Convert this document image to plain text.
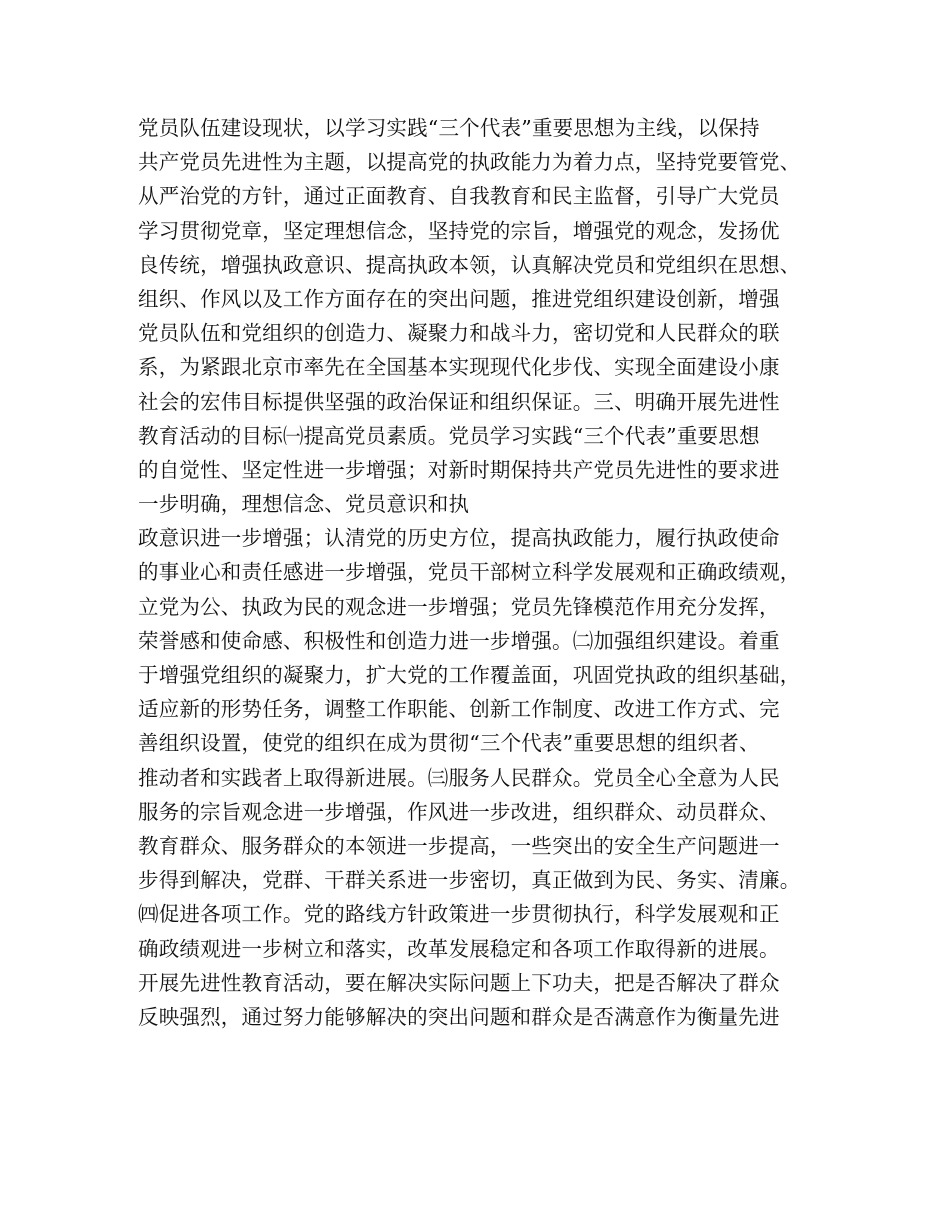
党员队伍建设现状，以学习实践“三个代表”重要思想为主线，以保持
共产党员先进性为主题，以提高党的执政能力为着力点，坚持党要管党、
从严治党的方针，通过正面教育、自我教育和民主监督，引导广大党员
学习贯彻党章，坚定理想信念，坚持党的宗旨，增强党的观念，发扬优
良传统，增强执政意识、提高执政本领，认真解决党员和党组织在思想、
组织、作风以及工作方面存在的突出问题，推进党组织建设创新，增强
党员队伍和党组织的创造力、凝聚力和战斗力，密切党和人民群众的联
系，为紧跟北京市率先在全国基本实现现代化步伐、实现全面建设小康
社会的宏伟目标提供坚强的政治保证和组织保证。三、明确开展先进性
教育活动的目标㈠提高党员素质。党员学习实践“三个代表”重要思想
的自觉性、坚定性进一步增强；对新时期保持共产党员先进性的要求进
一步明确，理想信念、党员意识和执
政意识进一步增强；认清党的历史方位，提高执政能力，履行执政使命
的事业心和责任感进一步增强，党员干部树立科学发展观和正确政绩观，
立党为公、执政为民的观念进一步增强；党员先锋模范作用充分发挥，
荣誉感和使命感、积极性和创造力进一步增强。㈡加强组织建设。着重
于增强党组织的凝聚力，扩大党的工作覆盖面，巩固党执政的组织基础，
适应新的形势任务，调整工作职能、创新工作制度、改进工作方式、完
善组织设置，使党的组织在成为贯彻“三个代表”重要思想的组织者、
推动者和实践者上取得新进展。㈢服务人民群众。党员全心全意为人民
服务的宗旨观念进一步增强，作风进一步改进，组织群众、动员群众、
教育群众、服务群众的本领进一步提高，一些突出的安全生产问题进一
步得到解决，党群、干群关系进一步密切，真正做到为民、务实、清廉。
㈣促进各项工作。党的路线方针政策进一步贯彻执行，科学发展观和正
确政绩观进一步树立和落实，改革发展稳定和各项工作取得新的进展。
开展先进性教育活动，要在解决实际问题上下功夫，把是否解决了群众
反映强烈，通过努力能够解决的突出问题和群众是否满意作为衡量先进
